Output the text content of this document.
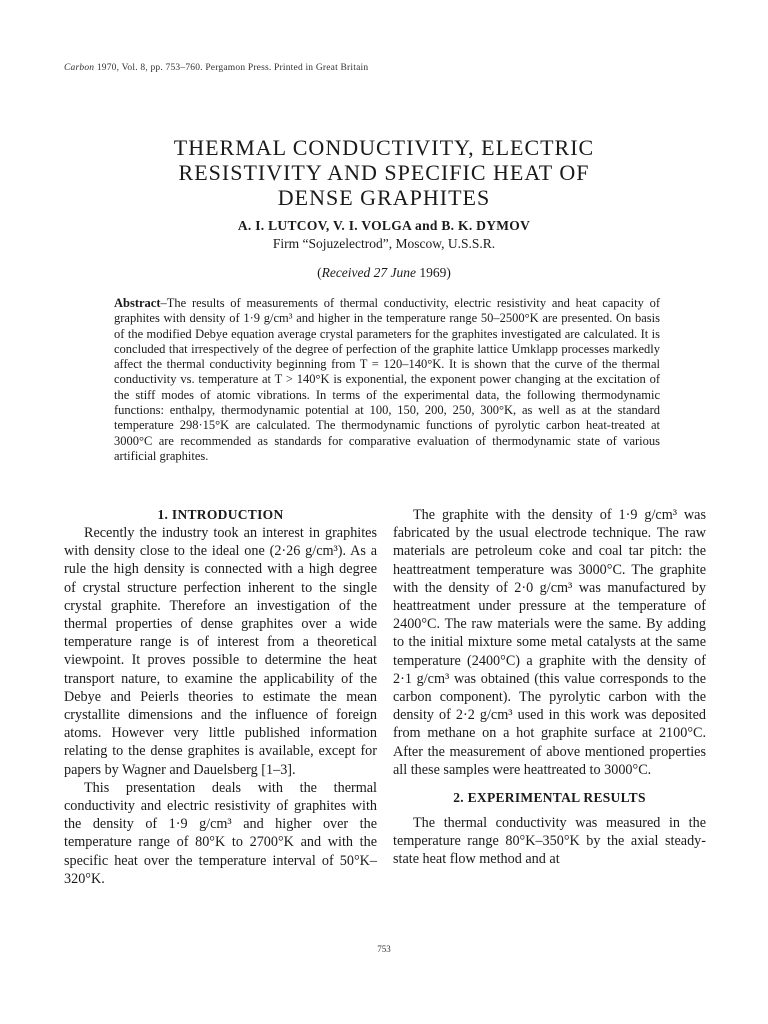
Carbon 1970, Vol. 8, pp. 753–760. Pergamon Press. Printed in Great Britain
THERMAL CONDUCTIVITY, ELECTRIC
RESISTIVITY AND SPECIFIC HEAT OF
DENSE GRAPHITES
A. I. LUTCOV, V. I. VOLGA and B. K. DYMOV
Firm “Sojuzelectrod”, Moscow, U.S.S.R.
(Received 27 June 1969)

Abstract–The results of measurements of thermal conductivity, electric resistivity and heat capacity of graphites with density of 1·9 g/cm³ and higher in the temperature range 50–2500°K are presented. On basis of the modified Debye equation average crystal parameters for the graphites investigated are calculated. It is concluded that irrespectively of the degree of perfection of the graphite lattice Umklapp processes markedly affect the thermal conductivity beginning from T = 120–140°K. It is shown that the curve of the thermal conductivity vs. temperature at T > 140°K is exponential, the exponent power changing at the excitation of the stiff modes of atomic vibrations. In terms of the experimental data, the following thermodynamic functions: enthalpy, thermodynamic potential at 100, 150, 200, 250, 300°K, as well as at the standard temperature 298·15°K are calculated. The thermodynamic functions of pyrolytic carbon heat-treated at 3000°C are recommended as standards for comparative evaluation of thermodynamic state of various artificial graphites.

1. INTRODUCTION

Recently the industry took an interest in graphites with density close to the ideal one (2·26 g/cm³). As a rule the high density is connected with a high degree of crystal structure perfection inherent to the single crystal graphite. Therefore an investigation of the thermal properties of dense graphites over a wide temperature range is of interest from a theoretical viewpoint. It proves possible to determine the heat transport nature, to examine the applicability of the Debye and Peierls theories to estimate the mean crystallite dimensions and the influence of foreign atoms. However very little published information relating to the dense graphites is available, except for papers by Wagner and Dauelsberg [1–3].

This presentation deals with the thermal conductivity and electric resistivity of graphites with the density of 1·9 g/cm³ and higher over the temperature range of 80°K to 2700°K and with the specific heat over the temperature interval of 50°K–320°K.

The graphite with the density of 1·9 g/cm³ was fabricated by the usual electrode technique. The raw materials are petroleum coke and coal tar pitch: the heattreatment temperature was 3000°C. The graphite with the density of 2·0 g/cm³ was manufactured by heattreatment under pressure at the temperature of 2400°C. The raw materials were the same. By adding to the initial mixture some metal catalysts at the same temperature (2400°C) a graphite with the density of 2·1 g/cm³ was obtained (this value corresponds to the carbon component). The pyrolytic carbon with the density of 2·2 g/cm³ used in this work was deposited from methane on a hot graphite surface at 2100°C. After the measurement of above mentioned properties all these samples were heattreated to 3000°C.

2. EXPERIMENTAL RESULTS

The thermal conductivity was measured in the temperature range 80°K–350°K by the axial steady-state heat flow method and at

753
